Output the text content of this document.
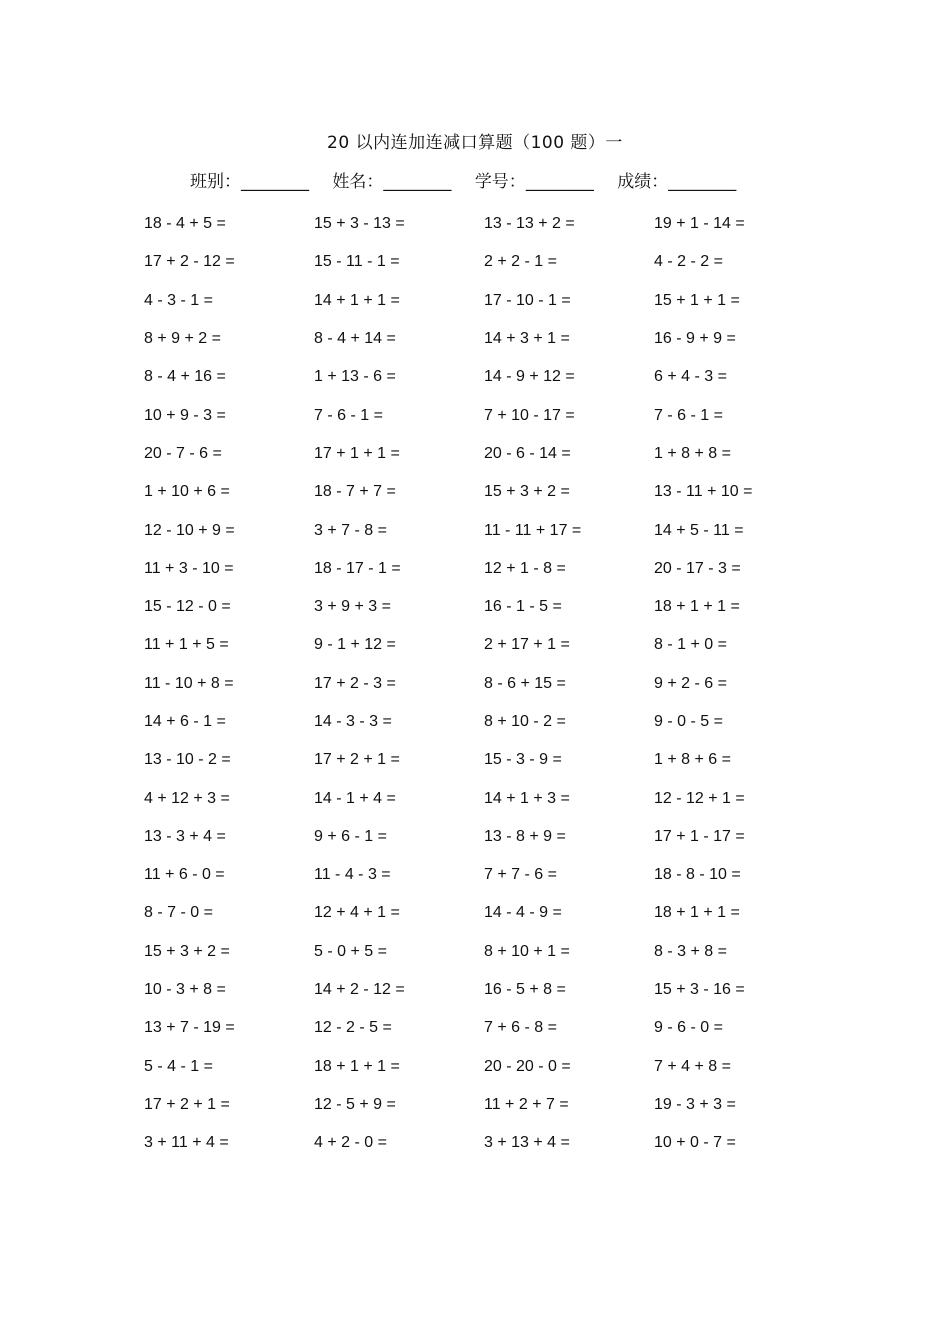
20 以内连加连减口算题（100 题）一
班别：________ 姓名：________ 学号：________ 成绩：________
18 - 4 + 5 =	15 + 3 - 13 =	13 - 13 + 2 =	19 + 1 - 14 =
17 + 2 - 12 =	15 - 11 - 1 =	2 + 2 - 1 =	4 - 2 - 2 =
4 - 3 - 1 =	14 + 1 + 1 =	17 - 10 - 1 =	15 + 1 + 1 =
8 + 9 + 2 =	8 - 4 + 14 =	14 + 3 + 1 =	16 - 9 + 9 =
8 - 4 + 16 =	1 + 13 - 6 =	14 - 9 + 12 =	6 + 4 - 3 =
10 + 9 - 3 =	7 - 6 - 1 =	7 + 10 - 17 =	7 - 6 - 1 =
20 - 7 - 6 =	17 + 1 + 1 =	20 - 6 - 14 =	1 + 8 + 8 =
1 + 10 + 6 =	18 - 7 + 7 =	15 + 3 + 2 =	13 - 11 + 10 =
12 - 10 + 9 =	3 + 7 - 8 =	11 - 11 + 17 =	14 + 5 - 11 =
11 + 3 - 10 =	18 - 17 - 1 =	12 + 1 - 8 =	20 - 17 - 3 =
15 - 12 - 0 =	3 + 9 + 3 =	16 - 1 - 5 =	18 + 1 + 1 =
11 + 1 + 5 =	9 - 1 + 12 =	2 + 17 + 1 =	8 - 1 + 0 =
11 - 10 + 8 =	17 + 2 - 3 =	8 - 6 + 15 =	9 + 2 - 6 =
14 + 6 - 1 =	14 - 3 - 3 =	8 + 10 - 2 =	9 - 0 - 5 =
13 - 10 - 2 =	17 + 2 + 1 =	15 - 3 - 9 =	1 + 8 + 6 =
4 + 12 + 3 =	14 - 1 + 4 =	14 + 1 + 3 =	12 - 12 + 1 =
13 - 3 + 4 =	9 + 6 - 1 =	13 - 8 + 9 =	17 + 1 - 17 =
11 + 6 - 0 =	11 - 4 - 3 =	7 + 7 - 6 =	18 - 8 - 10 =
8 - 7 - 0 =	12 + 4 + 1 =	14 - 4 - 9 =	18 + 1 + 1 =
15 + 3 + 2 =	5 - 0 + 5 =	8 + 10 + 1 =	8 - 3 + 8 =
10 - 3 + 8 =	14 + 2 - 12 =	16 - 5 + 8 =	15 + 3 - 16 =
13 + 7 - 19 =	12 - 2 - 5 =	7 + 6 - 8 =	9 - 6 - 0 =
5 - 4 - 1 =	18 + 1 + 1 =	20 - 20 - 0 =	7 + 4 + 8 =
17 + 2 + 1 =	12 - 5 + 9 =	11 + 2 + 7 =	19 - 3 + 3 =
3 + 11 + 4 =	4 + 2 - 0 =	3 + 13 + 4 =	10 + 0 - 7 =
